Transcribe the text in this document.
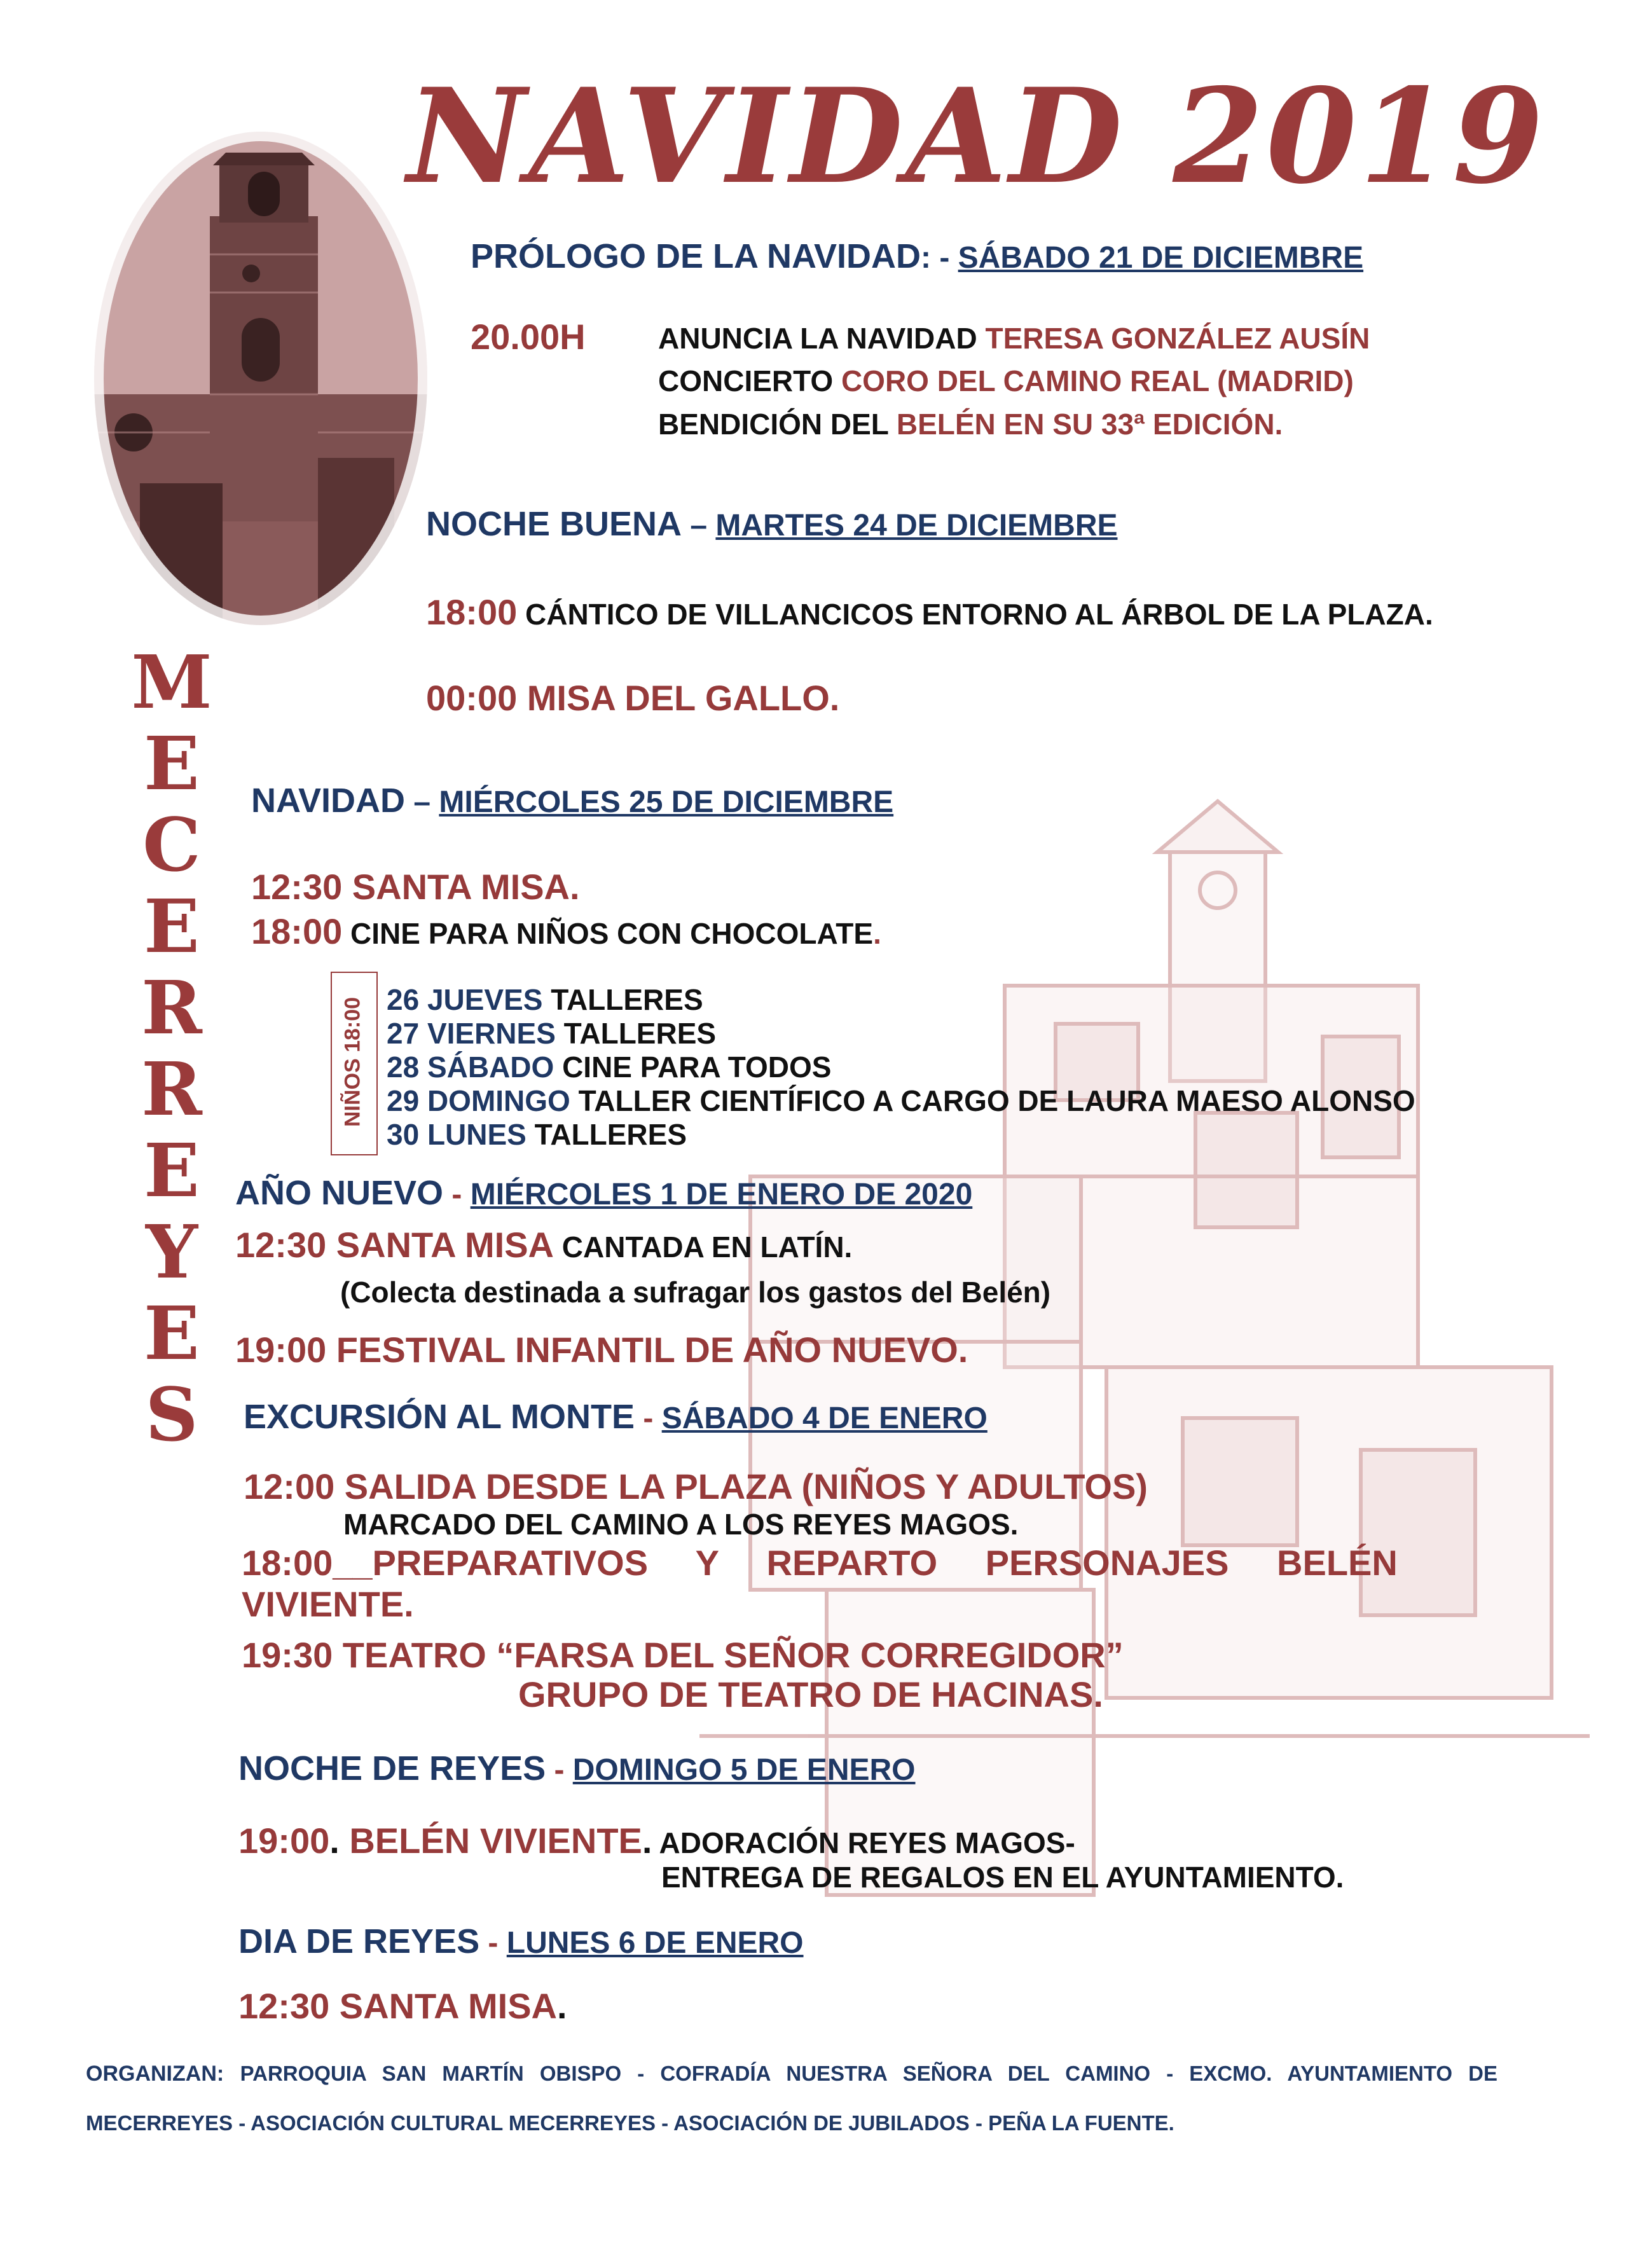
NAVIDAD 2019
M
E
C
E
R
R
E
Y
E
S
PRÓLOGO DE LA NAVIDAD: - SÁBADO 21 DE DICIEMBRE
20.00H ANUNCIA LA NAVIDAD TERESA GONZÁLEZ AUSÍN
CONCIERTO CORO DEL CAMINO REAL (MADRID)
BENDICIÓN DEL BELÉN EN SU 33ª EDICIÓN.
NOCHE BUENA – MARTES 24 DE DICIEMBRE
18:00 CÁNTICO DE VILLANCICOS ENTORNO AL ÁRBOL DE LA PLAZA.
00:00 MISA DEL GALLO.
NAVIDAD – MIÉRCOLES 25 DE DICIEMBRE
12:30 SANTA MISA.
18:00 CINE PARA NIÑOS CON CHOCOLATE.
NIÑOS 18:00 26 JUEVES TALLERES
27 VIERNES TALLERES
28 SÁBADO CINE PARA TODOS
29 DOMINGO TALLER CIENTÍFICO A CARGO DE LAURA MAESO ALONSO
30 LUNES TALLERES
AÑO NUEVO - MIÉRCOLES 1 DE ENERO DE 2020
12:30 SANTA MISA CANTADA EN LATÍN.
(Colecta destinada a sufragar los gastos del Belén)
19:00 FESTIVAL INFANTIL DE AÑO NUEVO.
EXCURSIÓN AL MONTE - SÁBADO 4 DE ENERO
12:00 SALIDA DESDE LA PLAZA (NIÑOS Y ADULTOS)
MARCADO DEL CAMINO A LOS REYES MAGOS.
18:00__PREPARATIVOS Y REPARTO PERSONAJES BELÉN
VIVIENTE.
19:30 TEATRO “FARSA DEL SEÑOR CORREGIDOR”
GRUPO DE TEATRO DE HACINAS.
NOCHE DE REYES - DOMINGO 5 DE ENERO
19:00. BELÉN VIVIENTE. ADORACIÓN REYES MAGOS-
ENTREGA DE REGALOS EN EL AYUNTAMIENTO.
DIA DE REYES - LUNES 6 DE ENERO
12:30 SANTA MISA.
ORGANIZAN: PARROQUIA SAN MARTÍN OBISPO - COFRADÍA NUESTRA SEÑORA DEL CAMINO - EXCMO. AYUNTAMIENTO DE MECERREYES - ASOCIACIÓN CULTURAL MECERREYES - ASOCIACIÓN DE JUBILADOS - PEÑA LA FUENTE.
